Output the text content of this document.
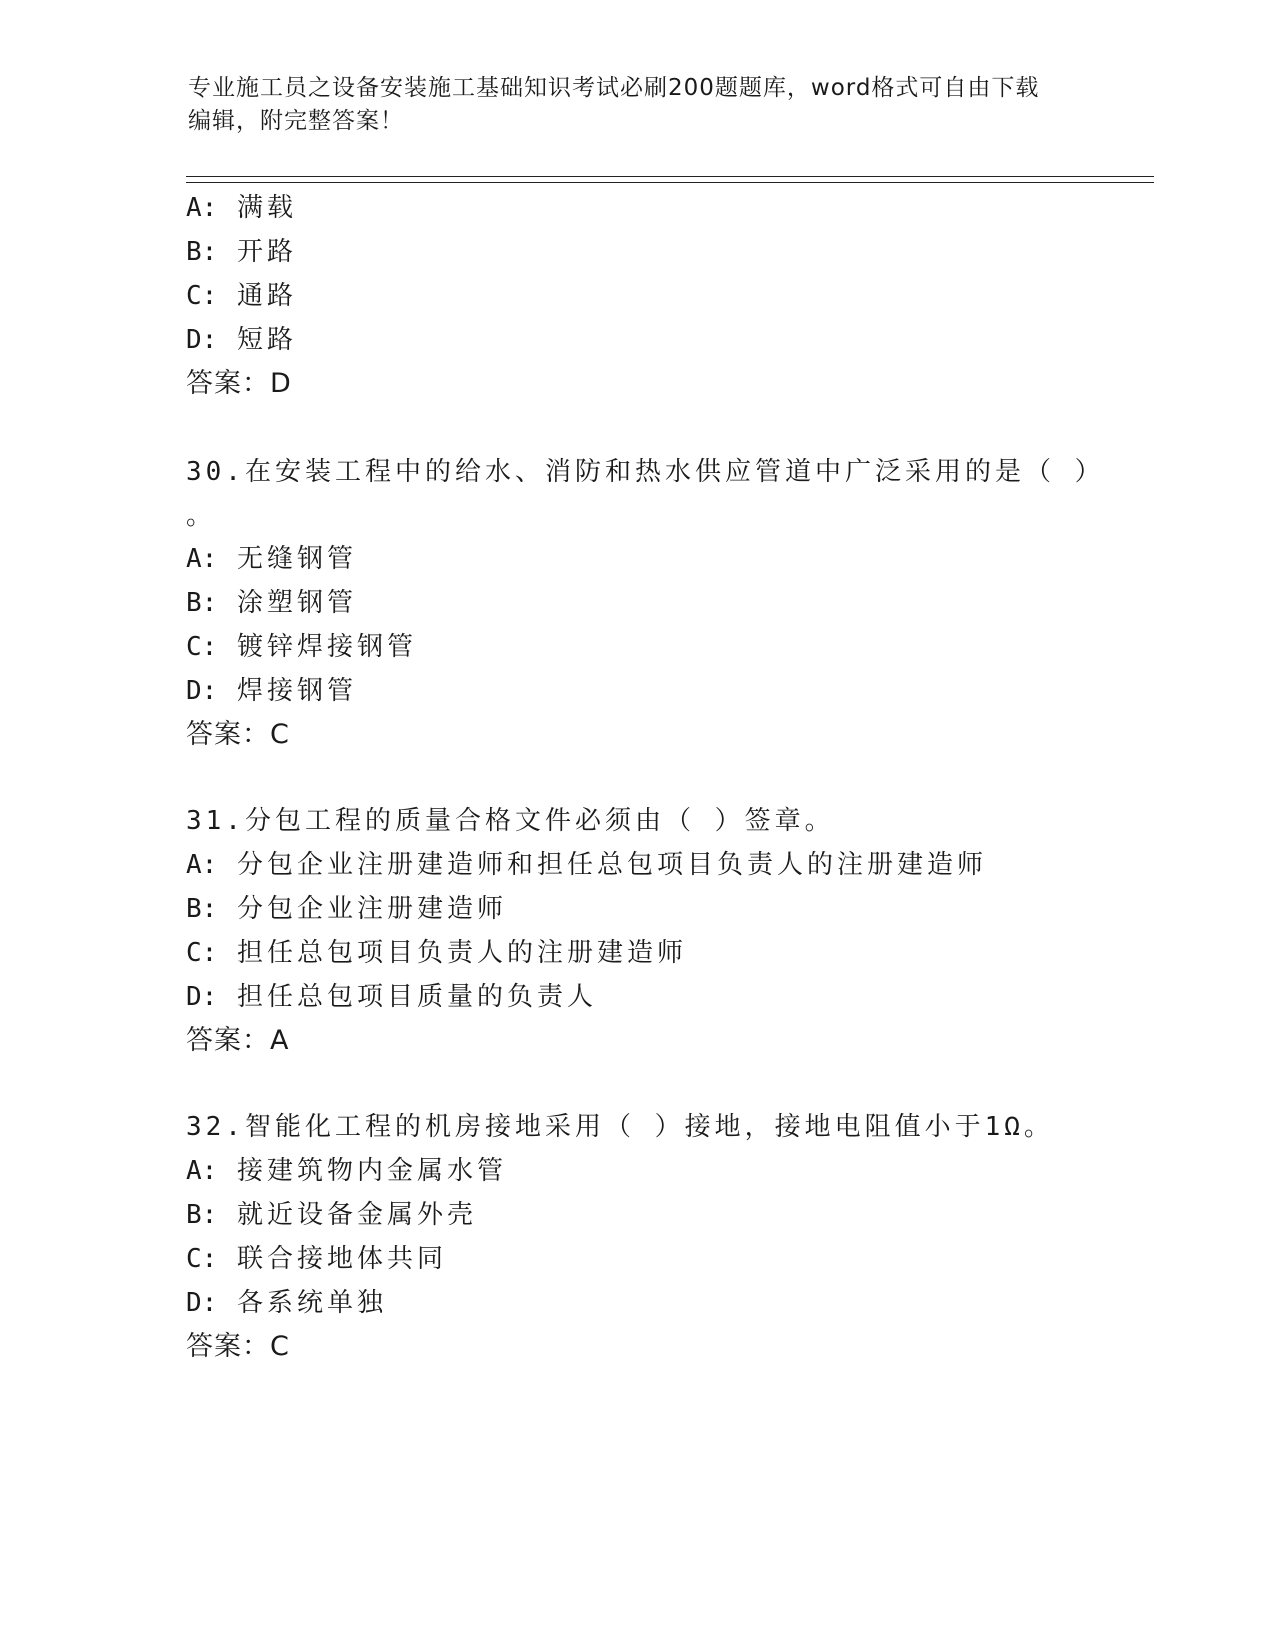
专业施工员之设备安装施工基础知识考试必刷200题题库，word格式可自由下载
编辑，附完整答案！
A: 满载
B: 开路
C: 通路
D: 短路
答案：D
30.在安装工程中的给水、消防和热水供应管道中广泛采用的是（ ）
。
A: 无缝钢管
B: 涂塑钢管
C: 镀锌焊接钢管
D: 焊接钢管
答案：C
31.分包工程的质量合格文件必须由（ ）签章。
A: 分包企业注册建造师和担任总包项目负责人的注册建造师
B: 分包企业注册建造师
C: 担任总包项目负责人的注册建造师
D: 担任总包项目质量的负责人
答案：A
32.智能化工程的机房接地采用（ ）接地，接地电阻值小于1Ω。
A: 接建筑物内金属水管
B: 就近设备金属外壳
C: 联合接地体共同
D: 各系统单独
答案：C
